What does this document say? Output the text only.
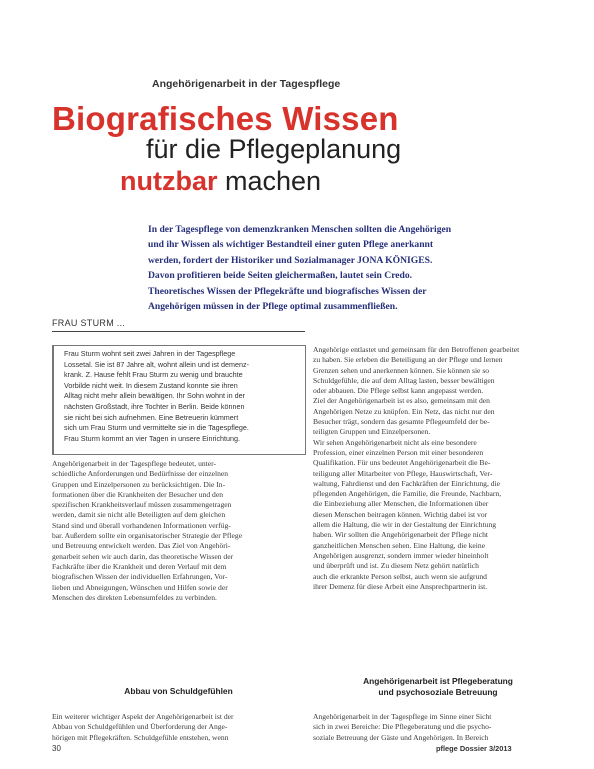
Angehörigenarbeit in der Tagespflege
Biografisches Wissen
für die Pflegeplanung
nutzbar machen

In der Tagespflege von demenzkranken Menschen sollten die Angehörigen

und ihr Wissen als wichtiger Bestandteil einer guten Pflege anerkannt

werden, fordert der Historiker und Sozialmanager JONA KÖNIGES.

Davon profitieren beide Seiten gleichermaßen, lautet sein Credo.

Theoretisches Wissen der Pflegekräfte und biografisches Wissen der

Angehörigen müssen in der Pflege optimal zusammenfließen.

FRAU STURM ...

Frau Sturm wohnt seit zwei Jahren in der Tagespflege

Lossetal. Sie ist 87 Jahre alt, wohnt allein und ist demenz-

krank. Z. Hause fehlt Frau Sturm zu wenig und brauchte

Vorbilde nicht weit. In diesem Zustand konnte sie ihren

Alltag nicht mehr allein bewältigen. Ihr Sohn wohnt in der

nächsten Großstadt, ihre Tochter in Berlin. Beide können

sie nicht bei sich aufnehmen. Eine Betreuerin kümmert

sich um Frau Sturm und vermittelte sie in die Tagespflege.

Frau Sturm kommt an vier Tagen in unsere Einrichtung.

Angehörigenarbeit in der Tagespflege bedeutet, unter-

schiedliche Anforderungen und Bedürfnisse der einzelnen

Gruppen und Einzelpersonen zu berücksichtigen. Die In-

formationen über die Krankheiten der Besucher und den

spezifischen Krankheitsverlauf müssen zusammengetragen

werden, damit sie nicht alle Beteiligten auf dem gleichen

Stand sind und überall vorhandenen Informationen verfüg-

bar. Außerdem sollte ein organisatorischer Strategie der Pflege

und Betreuung entwickelt werden. Das Ziel von Angehöri-

genarbeit sehen wir auch darin, das theoretische Wissen der

Fachkräfte über die Krankheit und deren Verlauf mit dem

biografischen Wissen der individuellen Erfahrungen, Vor-

lieben und Abneigungen, Wünschen und Hilfen sowie der

Menschen des direkten Lebensumfeldes zu verbinden.

Angehörige entlastet und gemeinsam für den Betroffenen gearbeitet

zu haben. Sie erleben die Beteiligung an der Pflege und lernen

Grenzen sehen und anerkennen können. Sie können sie so

Schuldgefühle, die auf dem Alltag lasten, besser bewältigen

oder abbauen. Die Pflege selbst kann angepasst werden.

Ziel der Angehörigenarbeit ist es also, gemeinsam mit den

Angehörigen Netze zu knüpfen. Ein Netz, das nicht nur den

Besucher trägt, sondern das gesamte Pflegeumfeld der be-

teiligten Gruppen und Einzelpersonen.

Wir sehen Angehörigenarbeit nicht als eine besondere

Profession, einer einzelnen Person mit einer besonderen

Qualifikation. Für uns bedeutet Angehörigenarbeit die Be-

teiligung aller Mitarbeiter von Pflege, Hauswirtschaft, Ver-

waltung, Fahrdienst und den Fachkräften der Einrichtung, die

pflegenden Angehörigen, die Familie, die Freunde, Nachbarn,

die Einbeziehung aller Menschen, die Informationen über

diesen Menschen beitragen können. Wichtig dabei ist vor

allem die Haltung, die wir in der Gestaltung der Einrichtung

haben. Wir sollten die Angehörigenarbeit der Pflege nicht

ganzheitlichen Menschen sehen. Eine Haltung, die keine

Angehörigen ausgrenzt, sondern immer wieder hineinholt

und überprüft und ist. Zu diesem Netz gehört natürlich

auch die erkrankte Person selbst, auch wenn sie aufgrund

ihrer Demenz für diese Arbeit eine Ansprechpartnerin ist.

Abbau von Schuldgefühlen
Angehörigenarbeit ist Pflegeberatung
und psychosoziale Betreuung

Ein weiterer wichtiger Aspekt der Angehörigenarbeit ist der

Abbau von Schuldgefühlen und Überforderung der Ange-

hörigen mit Pflegekräften. Schuldgefühle entstehen, wenn

Angehörigenarbeit in der Tagespflege im Sinne einer Sicht

sich in zwei Bereiche: Die Pflegeberatung und die psycho-

soziale Betreuung der Gäste und Angehörigen. In Bereich

30	pflege Dossier 3/2013
